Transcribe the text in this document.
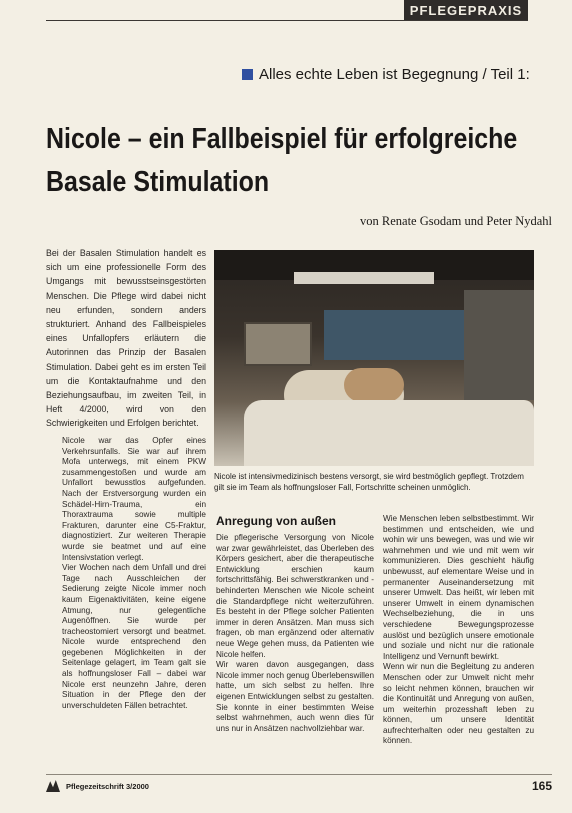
PFLEGEPRAXIS
Alles echte Leben ist Begegnung / Teil 1:
Nicole – ein Fallbeispiel für erfolgreiche
Basale Stimulation
von Renate Gsodam und Peter Nydahl
Bei der Basalen Stimulation handelt es sich um eine professionelle Form des Umgangs mit bewusstseinsgestörten Menschen. Die Pflege wird dabei nicht neu erfunden, sondern anders strukturiert. Anhand des Fallbeispieles eines Unfallopfers erläutern die Autorinnen das Prinzip der Basalen Stimulation. Dabei geht es im ersten Teil um die Kontaktaufnahme und den Beziehungsaufbau, im zweiten Teil, in Heft 4/2000, wird von den Schwierigkeiten und Erfolgen berichtet.
Nicole ist intensivmedizinisch bestens versorgt, sie wird bestmöglich gepflegt. Trotzdem gilt sie im Team als hoffnungsloser Fall, Fortschritte scheinen unmöglich.

Nicole war das Opfer eines Verkehrsunfalls. Sie war auf ihrem Mofa unterwegs, mit einem PKW zusammengestoßen und wurde am Unfallort bewusstlos aufgefunden. Nach der Erstversorgung wurden ein Schädel-Hirn-Trauma, ein Thoraxtrauma sowie multiple Frakturen, darunter eine C5-Fraktur, diagnostiziert. Zur weiteren Therapie wurde sie beatmet und auf eine Intensivstation verlegt.

Vier Wochen nach dem Unfall und drei Tage nach Ausschleichen der Sedierung zeigte Nicole immer noch kaum Eigenaktivitäten, keine eigene Atmung, nur gelegentliche Augenöffnen. Sie wurde per tracheostomiert versorgt und beatmet. Nicole wurde entsprechend den gegebenen Möglichkeiten in der Seitenlage gelagert, im Team galt sie als hoffnungsloser Fall – dabei war Nicole erst neunzehn Jahre, deren Situation in der Pflege den der unverschuldeten Fällen betrachtet.

Anregung von außen

Die pflegerische Versorgung von Nicole war zwar gewährleistet, das Überleben des Körpers gesichert, aber die therapeutische Entwicklung erschien kaum fortschrittsfähig. Bei schwerstkranken und -behinderten Menschen wie Nicole scheint die Standardpflege nicht weiterzuführen. Es besteht in der Pflege solcher Patienten immer in deren Ansätzen. Man muss sich fragen, ob man ergänzend oder alternativ neue Wege gehen muss, da Patienten wie Nicole helfen.

Wir waren davon ausgegangen, dass Nicole immer noch genug Überlebenswillen hatte, um sich selbst zu helfen. Ihre eigenen Entwicklungen selbst zu gestalten. Sie konnte in einer bestimmten Weise selbst wahrnehmen, auch wenn dies für uns nur in Ansätzen nachvollziehbar war.

Wie Menschen leben selbstbestimmt. Wir bestimmen und entscheiden, wie und wohin wir uns bewegen, was und wie wir wahrnehmen und wie und mit wem wir kommunizieren. Dies geschieht häufig unbewusst, auf elementare Weise und in permanenter Auseinandersetzung mit unserer Umwelt. Das heißt, wir leben mit unserer Umwelt in einem dynamischen Wechselbeziehung, die in uns verschiedene Bewegungsprozesse auslöst und bezüglich unsere emotionale und soziale und nicht nur die rationale Intelligenz und Vernunft bewirkt.

Wenn wir nun die Begleitung zu anderen Menschen oder zur Umwelt nicht mehr so leicht nehmen können, brauchen wir die Kontinuität und Anregung von außen, um weiterhin prozesshaft leben zu können, um unsere Identität aufrechterhalten oder neu gestalten zu können.

Pflegezeitschrift 3/2000	165
